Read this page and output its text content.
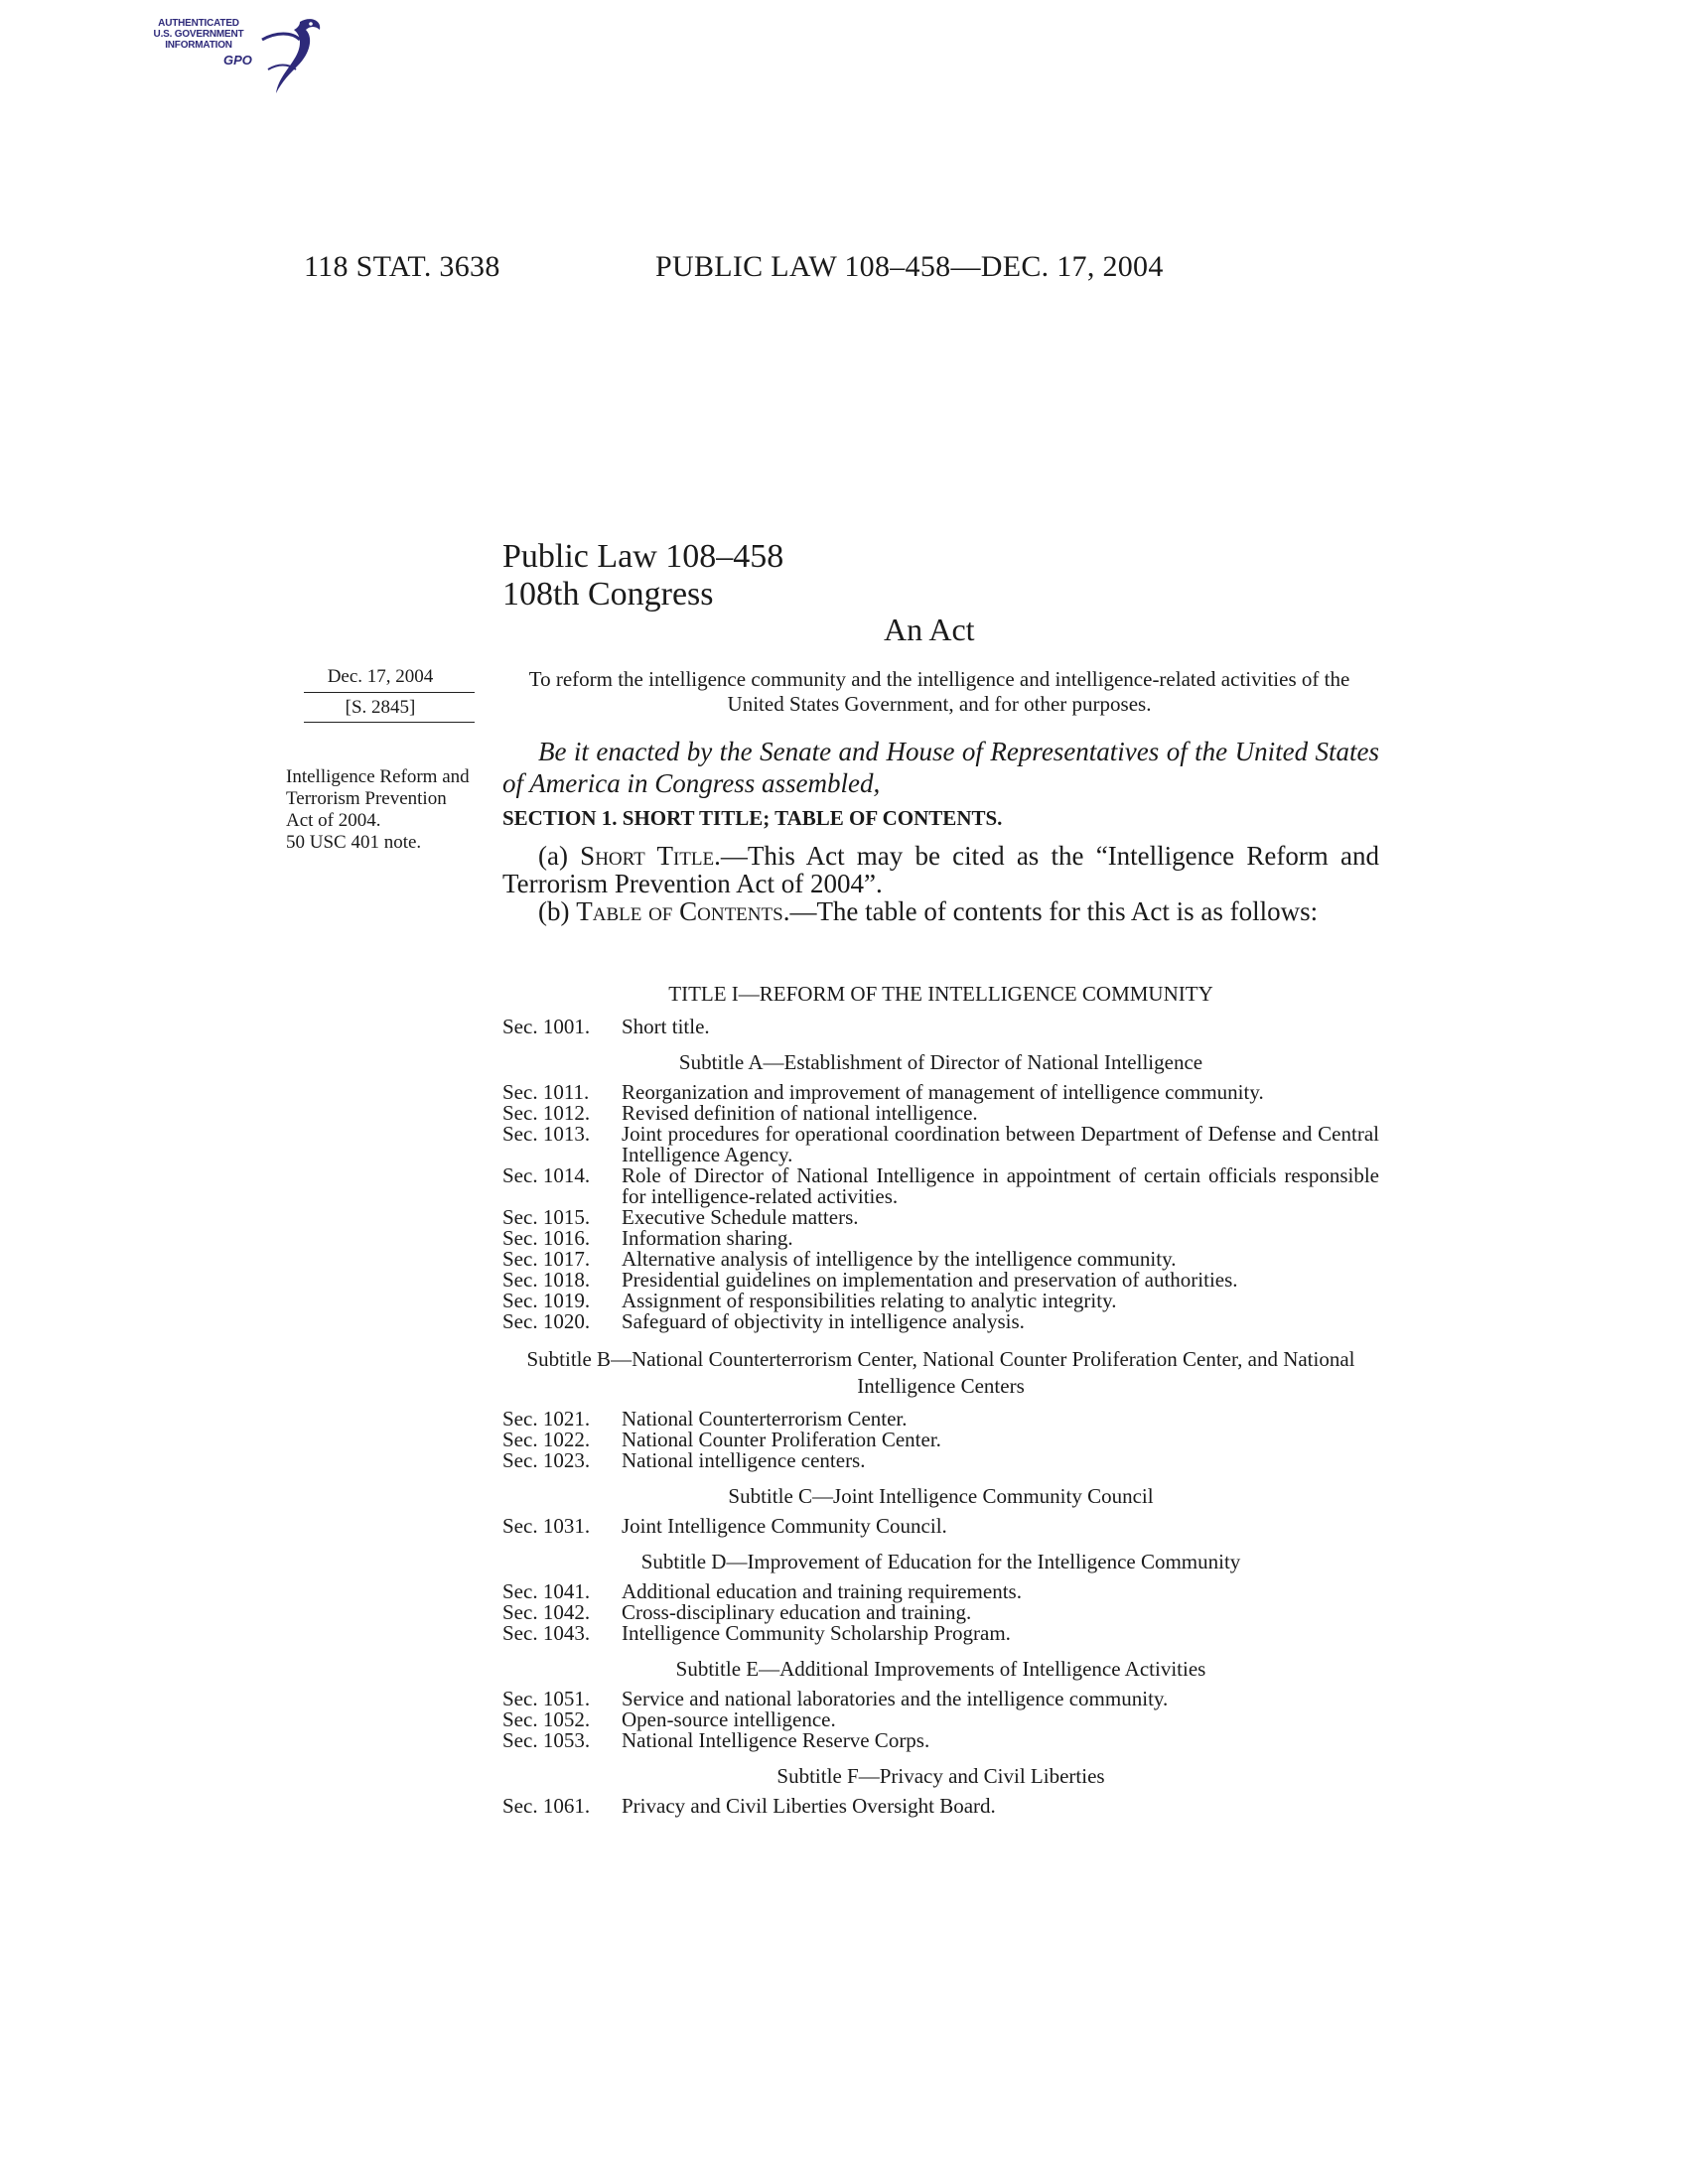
AUTHENTICATED
U.S. GOVERNMENT
INFORMATION
GPO
118 STAT. 3638	PUBLIC LAW 108–458—DEC. 17, 2004
Public Law 108–458
108th Congress
An Act
Dec. 17, 2004
[S. 2845]
Intelligence Reform and Terrorism Prevention Act of 2004.
50 USC 401 note.
To reform the intelligence community and the intelligence and intelligence-related activities of the United States Government, and for other purposes.
Be it enacted by the Senate and House of Representatives of the United States of America in Congress assembled,
SECTION 1. SHORT TITLE; TABLE OF CONTENTS.
(a) Short Title.—This Act may be cited as the “Intelligence Reform and Terrorism Prevention Act of 2004”.
(b) Table of Contents.—The table of contents for this Act is as follows:
TITLE I—REFORM OF THE INTELLIGENCE COMMUNITY
Sec. 1001.	Short title.
Subtitle A—Establishment of Director of National Intelligence
Sec. 1011.	Reorganization and improvement of management of intelligence community.
Sec. 1012.	Revised definition of national intelligence.
Sec. 1013.	Joint procedures for operational coordination between Department of Defense and Central Intelligence Agency.
Sec. 1014.	Role of Director of National Intelligence in appointment of certain officials responsible for intelligence-related activities.
Sec. 1015.	Executive Schedule matters.
Sec. 1016.	Information sharing.
Sec. 1017.	Alternative analysis of intelligence by the intelligence community.
Sec. 1018.	Presidential guidelines on implementation and preservation of authorities.
Sec. 1019.	Assignment of responsibilities relating to analytic integrity.
Sec. 1020.	Safeguard of objectivity in intelligence analysis.
Subtitle B—National Counterterrorism Center, National Counter Proliferation Center, and National Intelligence Centers
Sec. 1021.	National Counterterrorism Center.
Sec. 1022.	National Counter Proliferation Center.
Sec. 1023.	National intelligence centers.
Subtitle C—Joint Intelligence Community Council
Sec. 1031.	Joint Intelligence Community Council.
Subtitle D—Improvement of Education for the Intelligence Community
Sec. 1041.	Additional education and training requirements.
Sec. 1042.	Cross-disciplinary education and training.
Sec. 1043.	Intelligence Community Scholarship Program.
Subtitle E—Additional Improvements of Intelligence Activities
Sec. 1051.	Service and national laboratories and the intelligence community.
Sec. 1052.	Open-source intelligence.
Sec. 1053.	National Intelligence Reserve Corps.
Subtitle F—Privacy and Civil Liberties
Sec. 1061.	Privacy and Civil Liberties Oversight Board.
